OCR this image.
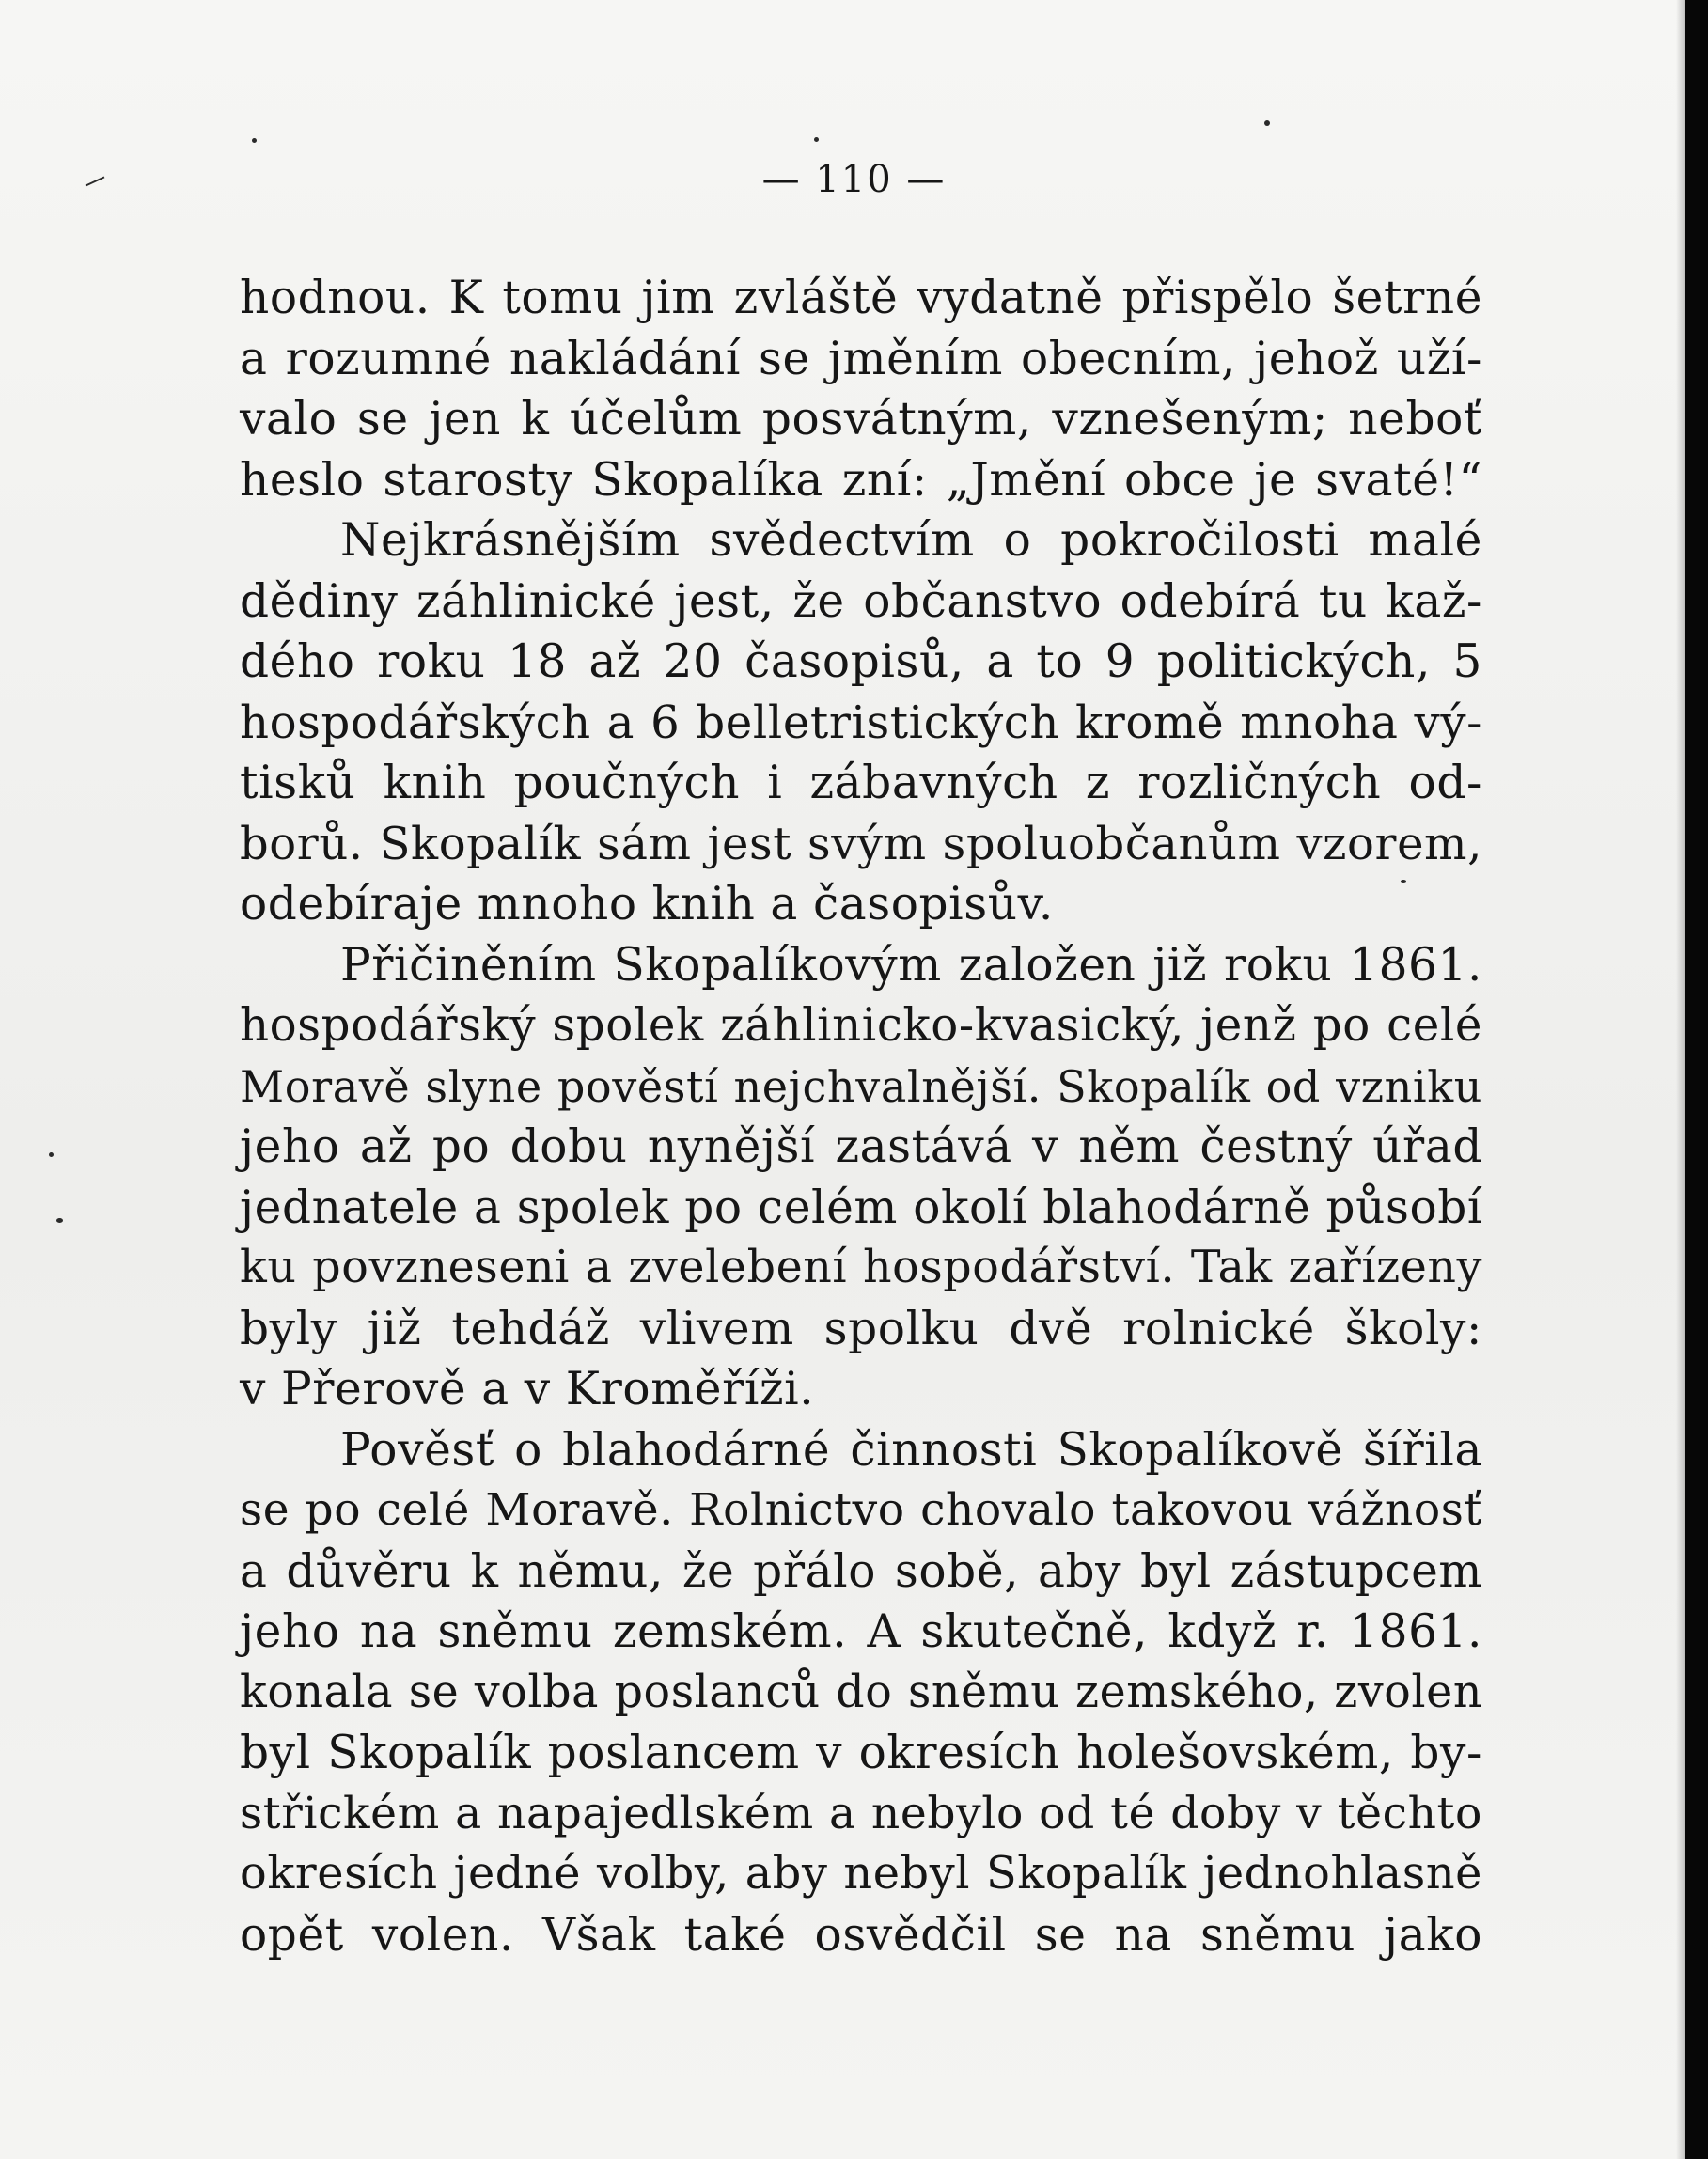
— 110 —
hodnou. K tomu jim zvláště vydatně přispělo šetrné
a rozumné nakládání se jměním obecním, jehož uží-
valo se jen k účelům posvátným, vznešeným; neboť
heslo starosty Skopalíka zní: „Jmění obce je svaté!“
Nejkrásnějším svědectvím o pokročilosti malé
dědiny záhlinické jest, že občanstvo odebírá tu kaž-
dého roku 18 až 20 časopisů, a to 9 politických, 5
hospodářských a 6 belletristických kromě mnoha vý-
tisků knih poučných i zábavných z rozličných od-
borů. Skopalík sám jest svým spoluobčanům vzorem,
odebíraje mnoho knih a časopisův.
Přičiněním Skopalíkovým založen již roku 1861.
hospodářský spolek záhlinicko-kvasický, jenž po celé
Moravě slyne pověstí nejchvalnější. Skopalík od vzniku
jeho až po dobu nynější zastává v něm čestný úřad
jednatele a spolek po celém okolí blahodárně působí
ku povzneseni a zvelebení hospodářství. Tak zařízeny
byly již tehdáž vlivem spolku dvě rolnické školy:
v Přerově a v Kroměříži.
Pověsť o blahodárné činnosti Skopalíkově šířila
se po celé Moravě. Rolnictvo chovalo takovou vážnosť
a důvěru k němu, že přálo sobě, aby byl zástupcem
jeho na sněmu zemském. A skutečně, když r. 1861.
konala se volba poslanců do sněmu zemského, zvolen
byl Skopalík poslancem v okresích holešovském, by-
střickém a napajedlském a nebylo od té doby v těchto
okresích jedné volby, aby nebyl Skopalík jednohlasně
opět volen. Však také osvědčil se na sněmu jako
